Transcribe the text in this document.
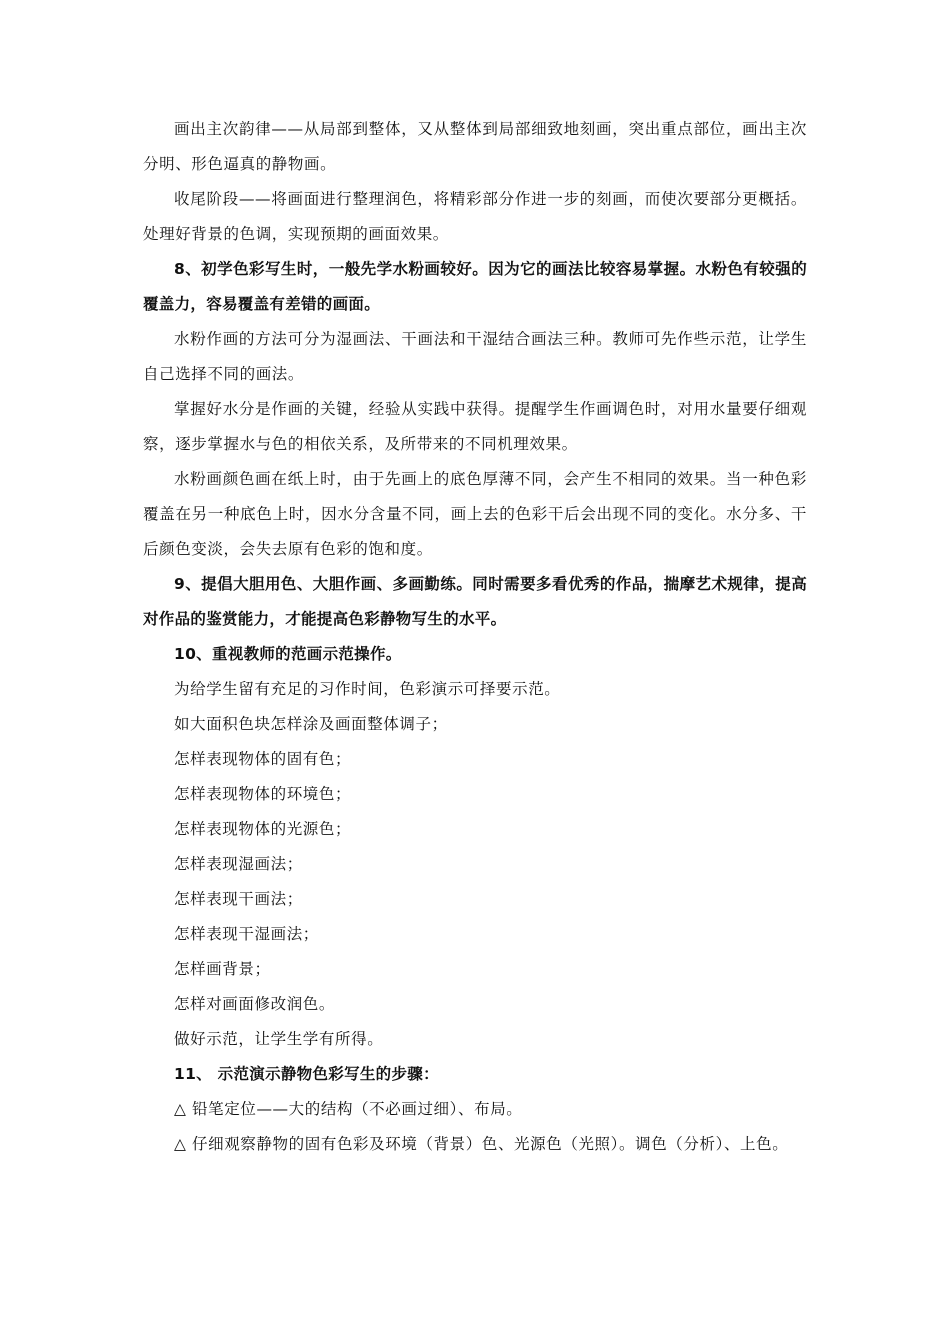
画出主次韵律——从局部到整体，又从整体到局部细致地刻画，突出重点部位，画出主次分明、形色逼真的静物画。

收尾阶段——将画面进行整理润色，将精彩部分作进一步的刻画，而使次要部分更概括。处理好背景的色调，实现预期的画面效果。

8、初学色彩写生时，一般先学水粉画较好。因为它的画法比较容易掌握。水粉色有较强的覆盖力，容易覆盖有差错的画面。

水粉作画的方法可分为湿画法、干画法和干湿结合画法三种。教师可先作些示范，让学生自己选择不同的画法。

掌握好水分是作画的关键，经验从实践中获得。提醒学生作画调色时，对用水量要仔细观察，逐步掌握水与色的相依关系，及所带来的不同机理效果。

水粉画颜色画在纸上时，由于先画上的底色厚薄不同，会产生不相同的效果。当一种色彩覆盖在另一种底色上时，因水分含量不同，画上去的色彩干后会出现不同的变化。水分多、干后颜色变淡，会失去原有色彩的饱和度。

9、提倡大胆用色、大胆作画、多画勤练。同时需要多看优秀的作品，揣摩艺术规律，提高对作品的鉴赏能力，才能提高色彩静物写生的水平。

10、重视教师的范画示范操作。

为给学生留有充足的习作时间，色彩演示可择要示范。

如大面积色块怎样涂及画面整体调子；

怎样表现物体的固有色；

怎样表现物体的环境色；

怎样表现物体的光源色；

怎样表现湿画法；

怎样表现干画法；

怎样表现干湿画法；

怎样画背景；

怎样对画面修改润色。

做好示范，让学生学有所得。

11、 示范演示静物色彩写生的步骤：

△ 铅笔定位——大的结构（不必画过细）、布局。

△ 仔细观察静物的固有色彩及环境（背景）色、光源色（光照）。调色（分析）、上色。
